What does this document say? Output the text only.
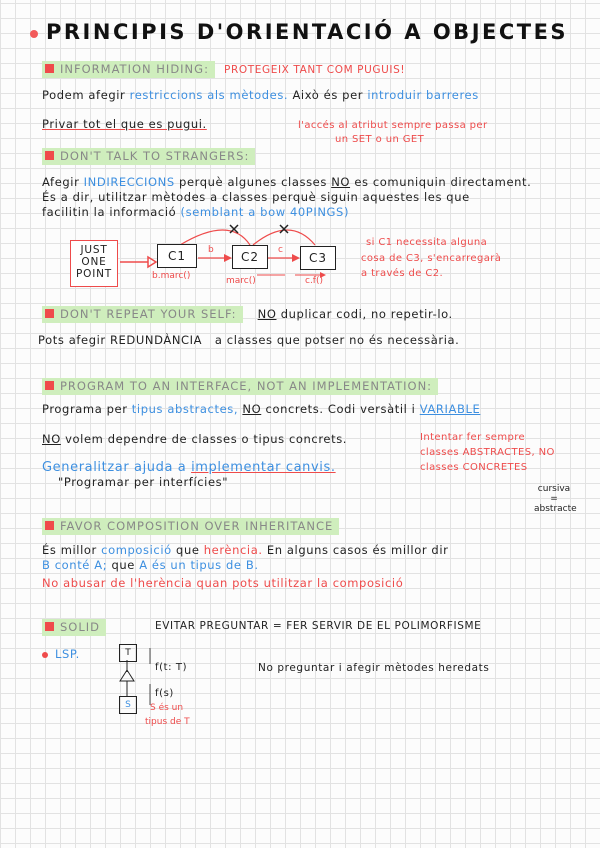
PRINCIPIS D'ORIENTACIÓ A OBJECTES
INFORMATION HIDING: PROTEGEIX TANT COM PUGUIS!
Podem afegir restriccions als mètodes. Això és per introduir barreres
Privar tot el que es pugui.	l'accés al atribut sempre passa per
un SET o un GET
DON'T TALK TO STRANGERS:
Afegir INDIRECCIONS perquè algunes classes NO es comuniquin directament.
És a dir, utilitzar mètodes a classes perquè siguin aquestes les que
facilitin la informació (semblant a bow 40PINGS)
JUST
ONE
POINT
C1	C2	C3
b	c
b.marc()	marc()	c.f()
si C1 necessita alguna
cosa de C3, s'encarregarà
a través de C2.
DON'T REPEAT YOUR SELF: NO duplicar codi, no repetir-lo.
Pots afegir REDUNDÀNCIA a classes que potser no és necessària.
PROGRAM TO AN INTERFACE, NOT AN IMPLEMENTATION:
Programa per tipus abstractes, NO concrets. Codi versàtil i VARIABLE
NO volem dependre de classes o tipus concrets.
Generalitzar ajuda a implementar canvis.
"Programar per interfícies"
Intentar fer sempre
classes ABSTRACTES, NO
classes CONCRETES
cursiva
=
abstracte
FAVOR COMPOSITION OVER INHERITANCE
És millor composició que herència. En alguns casos és millor dir
B conté A; que A és un tipus de B.
No abusar de l'herència quan pots utilitzar la composició
SOLID	EVITAR PREGUNTAR = FER SERVIR DE EL POLIMORFISME
LSP.	T
S
f(t: T)
f(s)
S és un
tipus de T
No preguntar i afegir mètodes heredats
